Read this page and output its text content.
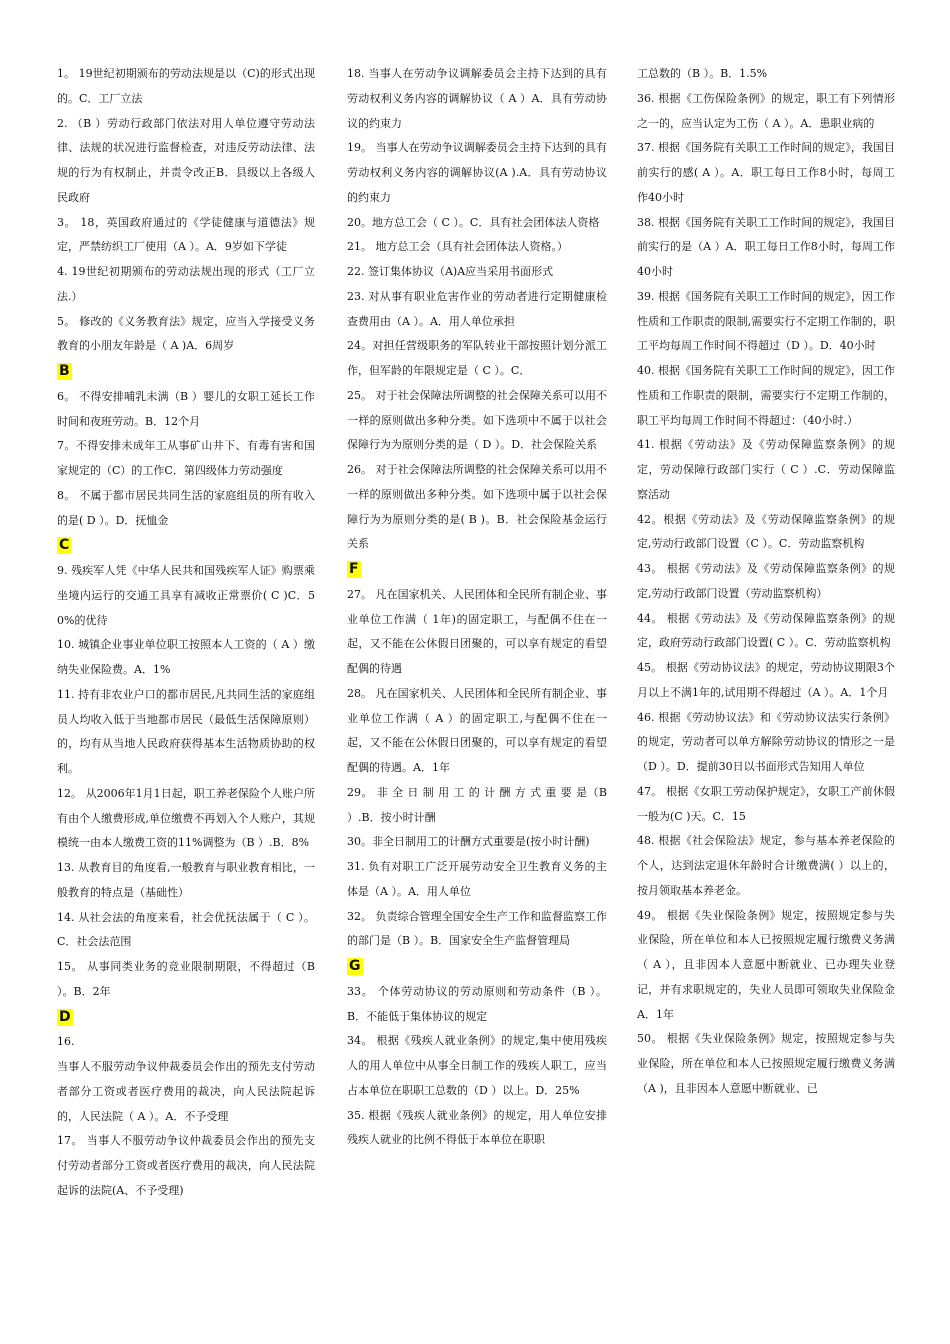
1。 19世纪初期颁布的劳动法规是以（C)的形式出现的。C．工厂立法

2. （B ）劳动行政部门依法对用人单位遵守劳动法律、法规的状况进行监督检查，对违反劳动法律、法规的行为有权制止，并责令改正B．县级以上各级人民政府

3。 18，英国政府通过的《学徒健康与道德法》规定，严禁纺织工厂使用（A ）。A．9岁如下学徒

4. 19世纪初期颁布的劳动法规出现的形式（工厂立法.）

5。 修改的《义务教育法》规定，应当入学接受义务教育的小朋友年龄是（ A )A．6周岁

B

6。 不得安排哺乳未满（B ）婴儿的女职工延长工作时间和夜班劳动。B．12个月

7。不得安排未成年工从事矿山井下、有毒有害和国家规定的（C）的工作C．第四级体力劳动强度

8。 不属于都市居民共同生活的家庭组员的所有收入的是( D ）。D．抚恤金

C

9. 残疾军人凭《中华人民共和国残疾军人证》购票乘坐境内运行的交通工具享有减收正常票价( C )C．50%的优待

10. 城镇企业事业单位职工按照本人工资的（ A ）缴纳失业保险费。A．1%

11. 持有非农业户口的都市居民,凡共同生活的家庭组员人均收入低于当地都市居民（最低生活保障原则）的，均有从当地人民政府获得基本生活物质协助的权利。

12。 从2006年1月1日起，职工养老保险个人账户所有由个人缴费形成,单位缴费不再划入个人账户，其规模统一由本人缴费工资的11%调整为（B ）.B．8%

13. 从教育目的角度看,一般教育与职业教育相比，一般教育的特点是（基础性）

14. 从社会法的角度来看，社会优抚法属于（ C ）。C．社会法范围

15。 从事同类业务的竞业限制期限，不得超过（B ）。B．2年

D

16.

当事人不服劳动争议仲裁委员会作出的预先支付劳动者部分工资或者医疗费用的裁决，向人民法院起诉的，人民法院（ A ）。A．不予受理

17。 当事人不服劳动争议仲裁委员会作出的预先支付劳动者部分工资或者医疗费用的裁决，向人民法院起诉的法院(A、不予受理)

18. 当事人在劳动争议调解委员会主持下达到的具有劳动权利义务内容的调解协议（ A ）A．具有劳动协议的约束力

19。 当事人在劳动争议调解委员会主持下达到的具有劳动权利义务内容的调解协议(A ).A．具有劳动协议的约束力

20。地方总工会（ C ）。C．具有社会团体法人资格

21。 地方总工会（具有社会团体法人资格。）

22. 签订集体协议（A)A应当采用书面形式

23. 对从事有职业危害作业的劳动者进行定期健康检查费用由（A ）。A．用人单位承担

24。对担任营级职务的军队转业干部按照计划分派工作，但军龄的年限规定是（ C ）。C．

25。 对于社会保障法所调整的社会保障关系可以用不一样的原则做出多种分类。如下选项中不属于以社会保障行为为原则分类的是（ D ）。D．社会保险关系

26。 对于社会保障法所调整的社会保障关系可以用不一样的原则做出多种分类。如下选项中属于以社会保障行为为原则分类的是( B )。B．社会保险基金运行关系

F

27。 凡在国家机关、人民团体和全民所有制企业、事业单位工作满（ 1年)的固定职工，与配偶不住在一起，又不能在公休假日团聚的，可以享有规定的看望配偶的待遇

28。 凡在国家机关、人民团体和全民所有制企业、事业单位工作满（ A ）的固定职工,与配偶不住在一起，又不能在公休假日团聚的，可以享有规定的看望配偶的待遇。A．1年

29。 非 全 日 制 用 工 的 计 酬 方 式 重 要 是（B ）.B．按小时计酬

30。非全日制用工的计酬方式重要是(按小时计酬)

31. 负有对职工广泛开展劳动安全卫生教育义务的主体是（A ）。A．用人单位

32。 负责综合管理全国安全生产工作和监督监察工作的部门是（B ）。B．国家安全生产监督管理局

G

33。 个体劳动协议的劳动原则和劳动条件（B ）。B．不能低于集体协议的规定

34。 根据《残疾人就业条例》的规定,集中使用残疾人的用人单位中从事全日制工作的残疾人职工，应当占本单位在职职工总数的（D ）以上。D．25%

35. 根据《残疾人就业条例》的规定，用人单位安排残疾人就业的比例不得低于本单位在职职

工总数的（B ）。B．1.5%

36. 根据《工伤保险条例》的规定，职工有下列情形之一的，应当认定为工伤（ A ）。A．患职业病的

37. 根据《国务院有关职工工作时间的规定》，我国目前实行的感( A ）。A．职工每日工作8小时，每周工作40小时

38. 根据《国务院有关职工工作时间的规定》，我国目前实行的是（A ）A．职工每日工作8小时，每周工作40小时

39. 根据《国务院有关职工工作时间的规定》，因工作性质和工作职责的限制,需要实行不定期工作制的，职工平均每周工作时间不得超过（D ）。D．40小时

40. 根据《国务院有关职工工作时间的规定》，因工作性质和工作职责的限制，需要实行不定期工作制的，职工平均每周工作时间不得超过：（40小时.）

41. 根据《劳动法》及《劳动保障监察条例》的规定，劳动保障行政部门实行（ C ）.C．劳动保障监察活动

42。根据《劳动法》及《劳动保障监察条例》的规定,劳动行政部门设置（C ）。C．劳动监察机构

43。 根据《劳动法》及《劳动保障监察条例》的规定,劳动行政部门设置（劳动监察机构）

44。 根据《劳动法》及《劳动保障监察条例》的规定，政府劳动行政部门设置( C ）。C．劳动监察机构

45。 根据《劳动协议法》的规定，劳动协议期限3个月以上不满1年的,试用期不得超过（A ）。A．1个月

46. 根据《劳动协议法》和《劳动协议法实行条例》的规定，劳动者可以单方解除劳动协议的情形之一是（D ）。D．提前30日以书面形式告知用人单位

47。 根据《女职工劳动保护规定》，女职工产前休假一般为(C )天。C．15

48. 根据《社会保险法》规定，参与基本养老保险的个人，达到法定退休年龄时合计缴费满( ）以上的，按月领取基本养老金。

49。 根据《失业保险条例》规定，按照规定参与失业保险，所在单位和本人已按照规定履行缴费义务满（ A ），且非因本人意愿中断就业、已办理失业登记，并有求职规定的，失业人员即可领取失业保险金A．1年

50。 根据《失业保险条例》规定，按照规定参与失业保险，所在单位和本人已按照规定履行缴费义务满（A )，且非因本人意愿中断就业、已
